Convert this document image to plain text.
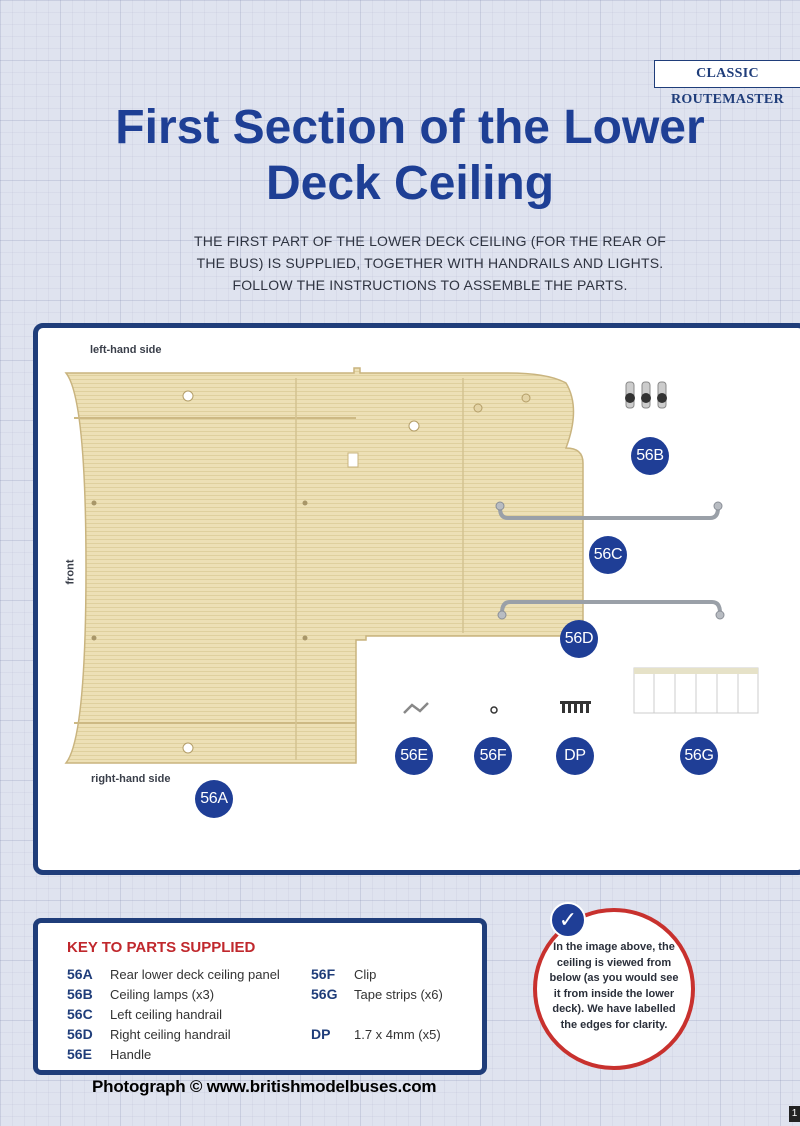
CLASSIC ROUTEMASTER
First Section of the Lower
Deck Ceiling
THE FIRST PART OF THE LOWER DECK CEILING (FOR THE REAR OF
THE BUS) IS SUPPLIED, TOGETHER WITH HANDRAILS AND LIGHTS.
FOLLOW THE INSTRUCTIONS TO ASSEMBLE THE PARTS.
left-hand side
right-hand side
front
56A
56B
56C
56D
56E	56F	DP	56G
KEY TO PARTS SUPPLIED
56A Rear lower deck ceiling panel
56B Ceiling lamps (x3)
56C Left ceiling handrail
56D Right ceiling handrail
56E Handle
56F Clip
56G Tape strips (x6)
DP 1.7 x 4mm (x5)
In the image above, the ceiling is viewed from below (as you would see it from inside the lower deck). We have labelled the edges for clarity.
✓
Photograph © www.britishmodelbuses.com
1
